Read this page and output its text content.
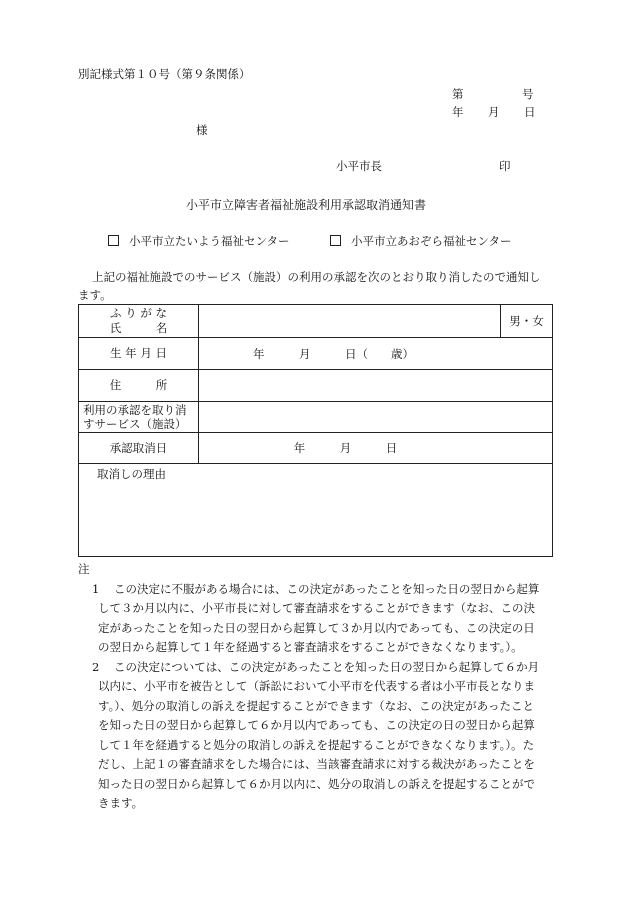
別記様式第１０号（第９条関係）
第	号
年 月 日
様
小平市長	印
小平市立障害者福祉施設利用承認取消通知書
小平市立たいよう福祉センター	小平市立あおぞら福祉センター
上記の福祉施設でのサービス（施設）の利用の承認を次のとおり取り消したので通知し
ます。
ふ り が な
氏　　　名		男・女
生 年 月 日	年　　　月　　　日（　　歳）	
住　　　所		

利用の承認を取り消
すサービス（施設）		

承認取消日	年　　　月　　　日	
取消しの理由		
注
1 この決定に不服がある場合には、この決定があったことを知った日の翌日から起算
して３か月以内に、小平市長に対して審査請求をすることができます（なお、この決
定があったことを知った日の翌日から起算して３か月以内であっても、この決定の日
の翌日から起算して１年を経過すると審査請求をすることができなくなります。）。
2 この決定については、この決定があったことを知った日の翌日から起算して６か月
以内に、小平市を被告として（訴訟において小平市を代表する者は小平市長となりま
す。）、処分の取消しの訴えを提起することができます（なお、この決定があったこと
を知った日の翌日から起算して６か月以内であっても、この決定の日の翌日から起算
して１年を経過すると処分の取消しの訴えを提起することができなくなります。）。た
だし、上記１の審査請求をした場合には、当該審査請求に対する裁決があったことを
知った日の翌日から起算して６か月以内に、処分の取消しの訴えを提起することがで
きます。
